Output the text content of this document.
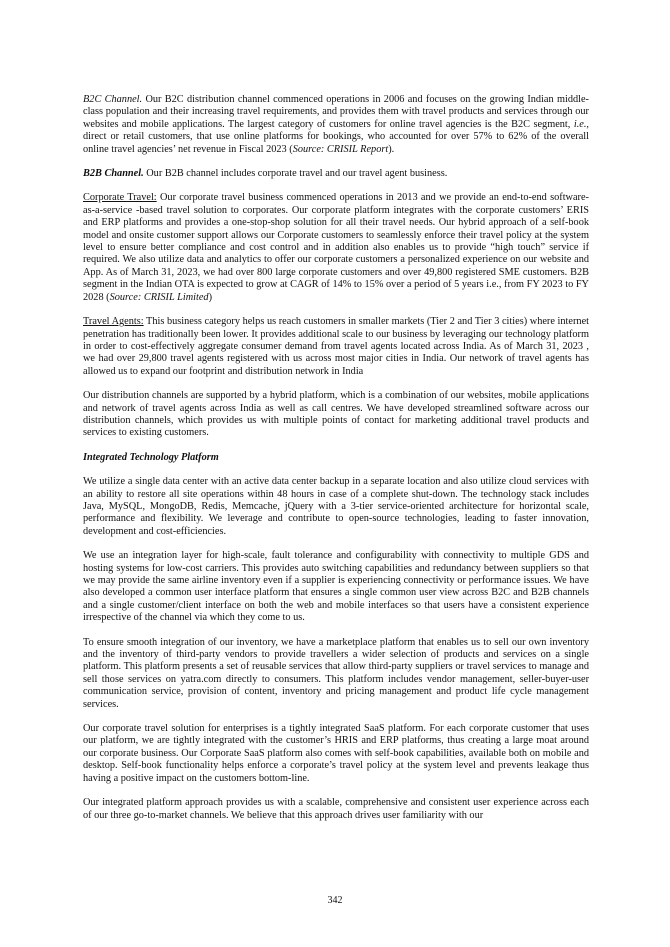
B2C Channel. Our B2C distribution channel commenced operations in 2006 and focuses on the growing Indian middle-class population and their increasing travel requirements, and provides them with travel products and services through our websites and mobile applications. The largest category of customers for online travel agencies is the B2C segment, i.e., direct or retail customers, that use online platforms for bookings, who accounted for over 57% to 62% of the overall online travel agencies’ net revenue in Fiscal 2023 (Source: CRISIL Report).

B2B Channel. Our B2B channel includes corporate travel and our travel agent business.

Corporate Travel: Our corporate travel business commenced operations in 2013 and we provide an end-to-end software-as-a-service -based travel solution to corporates. Our corporate platform integrates with the corporate customers’ ERIS and ERP platforms and provides a one-stop-shop solution for all their travel needs. Our hybrid approach of a self-book model and onsite customer support allows our Corporate customers to seamlessly enforce their travel policy at the system level to ensure better compliance and cost control and in addition also enables us to provide “high touch” service if required. We also utilize data and analytics to offer our corporate customers a personalized experience on our website and App. As of March 31, 2023, we had over 800 large corporate customers and over 49,800 registered SME customers. B2B segment in the Indian OTA is expected to grow at CAGR of 14% to 15% over a period of 5 years i.e., from FY 2023 to FY 2028 (Source: CRISIL Limited)

Travel Agents: This business category helps us reach customers in smaller markets (Tier 2 and Tier 3 cities) where internet penetration has traditionally been lower. It provides additional scale to our business by leveraging our technology platform in order to cost-effectively aggregate consumer demand from travel agents located across India. As of March 31, 2023 , we had over 29,800 travel agents registered with us across most major cities in India. Our network of travel agents has allowed us to expand our footprint and distribution network in India

Our distribution channels are supported by a hybrid platform, which is a combination of our websites, mobile applications and network of travel agents across India as well as call centres. We have developed streamlined software across our distribution channels, which provides us with multiple points of contact for marketing additional travel products and services to existing customers.

Integrated Technology Platform

We utilize a single data center with an active data center backup in a separate location and also utilize cloud services with an ability to restore all site operations within 48 hours in case of a complete shut-down. The technology stack includes Java, MySQL, MongoDB, Redis, Memcache, jQuery with a 3-tier service-oriented architecture for horizontal scale, performance and flexibility. We leverage and contribute to open-source technologies, leading to faster innovation, development and cost-efficiencies.

We use an integration layer for high-scale, fault tolerance and configurability with connectivity to multiple GDS and hosting systems for low-cost carriers. This provides auto switching capabilities and redundancy between suppliers so that we may provide the same airline inventory even if a supplier is experiencing connectivity or performance issues. We have also developed a common user interface platform that ensures a single common user view across B2C and B2B channels and a single customer/client interface on both the web and mobile interfaces so that users have a consistent experience irrespective of the channel via which they come to us.

To ensure smooth integration of our inventory, we have a marketplace platform that enables us to sell our own inventory and the inventory of third-party vendors to provide travellers a wider selection of products and services on a single platform. This platform presents a set of reusable services that allow third-party suppliers or travel services to manage and sell those services on yatra.com directly to consumers. This platform includes vendor management, seller-buyer-user communication service, provision of content, inventory and pricing management and product life cycle management services.

Our corporate travel solution for enterprises is a tightly integrated SaaS platform. For each corporate customer that uses our platform, we are tightly integrated with the customer’s HRIS and ERP platforms, thus creating a large moat around our corporate business. Our Corporate SaaS platform also comes with self-book capabilities, available both on mobile and desktop. Self-book functionality helps enforce a corporate’s travel policy at the system level and prevents leakage thus having a positive impact on the customers bottom-line.

Our integrated platform approach provides us with a scalable, comprehensive and consistent user experience across each of our three go-to-market channels. We believe that this approach drives user familiarity with our

342
